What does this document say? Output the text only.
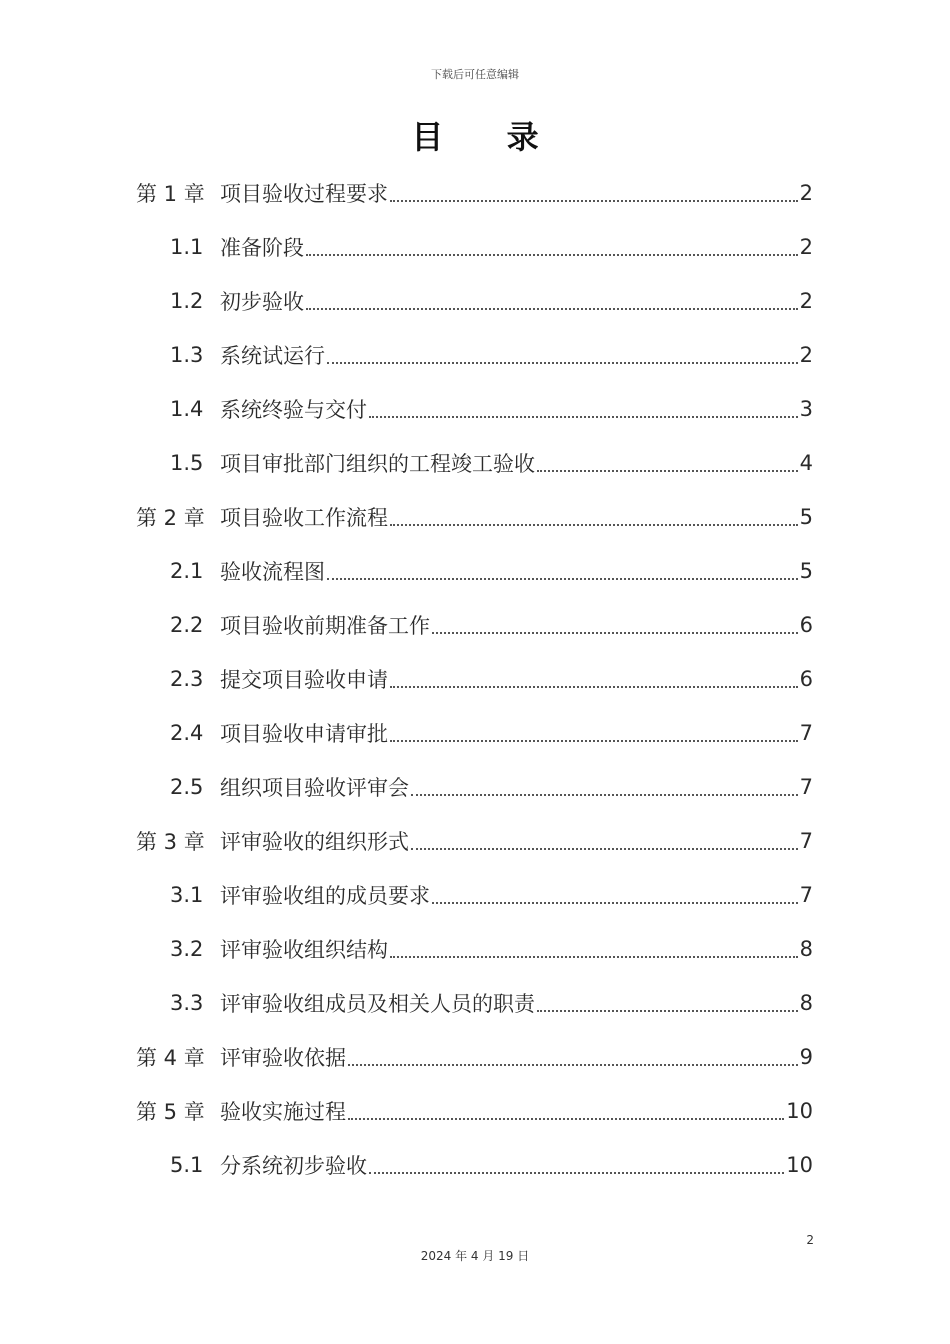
下载后可任意编辑
目 录
第 1 章 项目验收过程要求	2
1.1 准备阶段	2
1.2 初步验收	2
1.3 系统试运行	2
1.4 系统终验与交付	3
1.5 项目审批部门组织的工程竣工验收	4
第 2 章 项目验收工作流程	5
2.1 验收流程图	5
2.2 项目验收前期准备工作	6
2.3 提交项目验收申请	6
2.4 项目验收申请审批	7
2.5 组织项目验收评审会	7
第 3 章 评审验收的组织形式	7
3.1 评审验收组的成员要求	7
3.2 评审验收组织结构	8
3.3 评审验收组成员及相关人员的职责	8
第 4 章 评审验收依据	9
第 5 章 验收实施过程	10
5.1 分系统初步验收	10
2
2024 年 4 月 19 日
